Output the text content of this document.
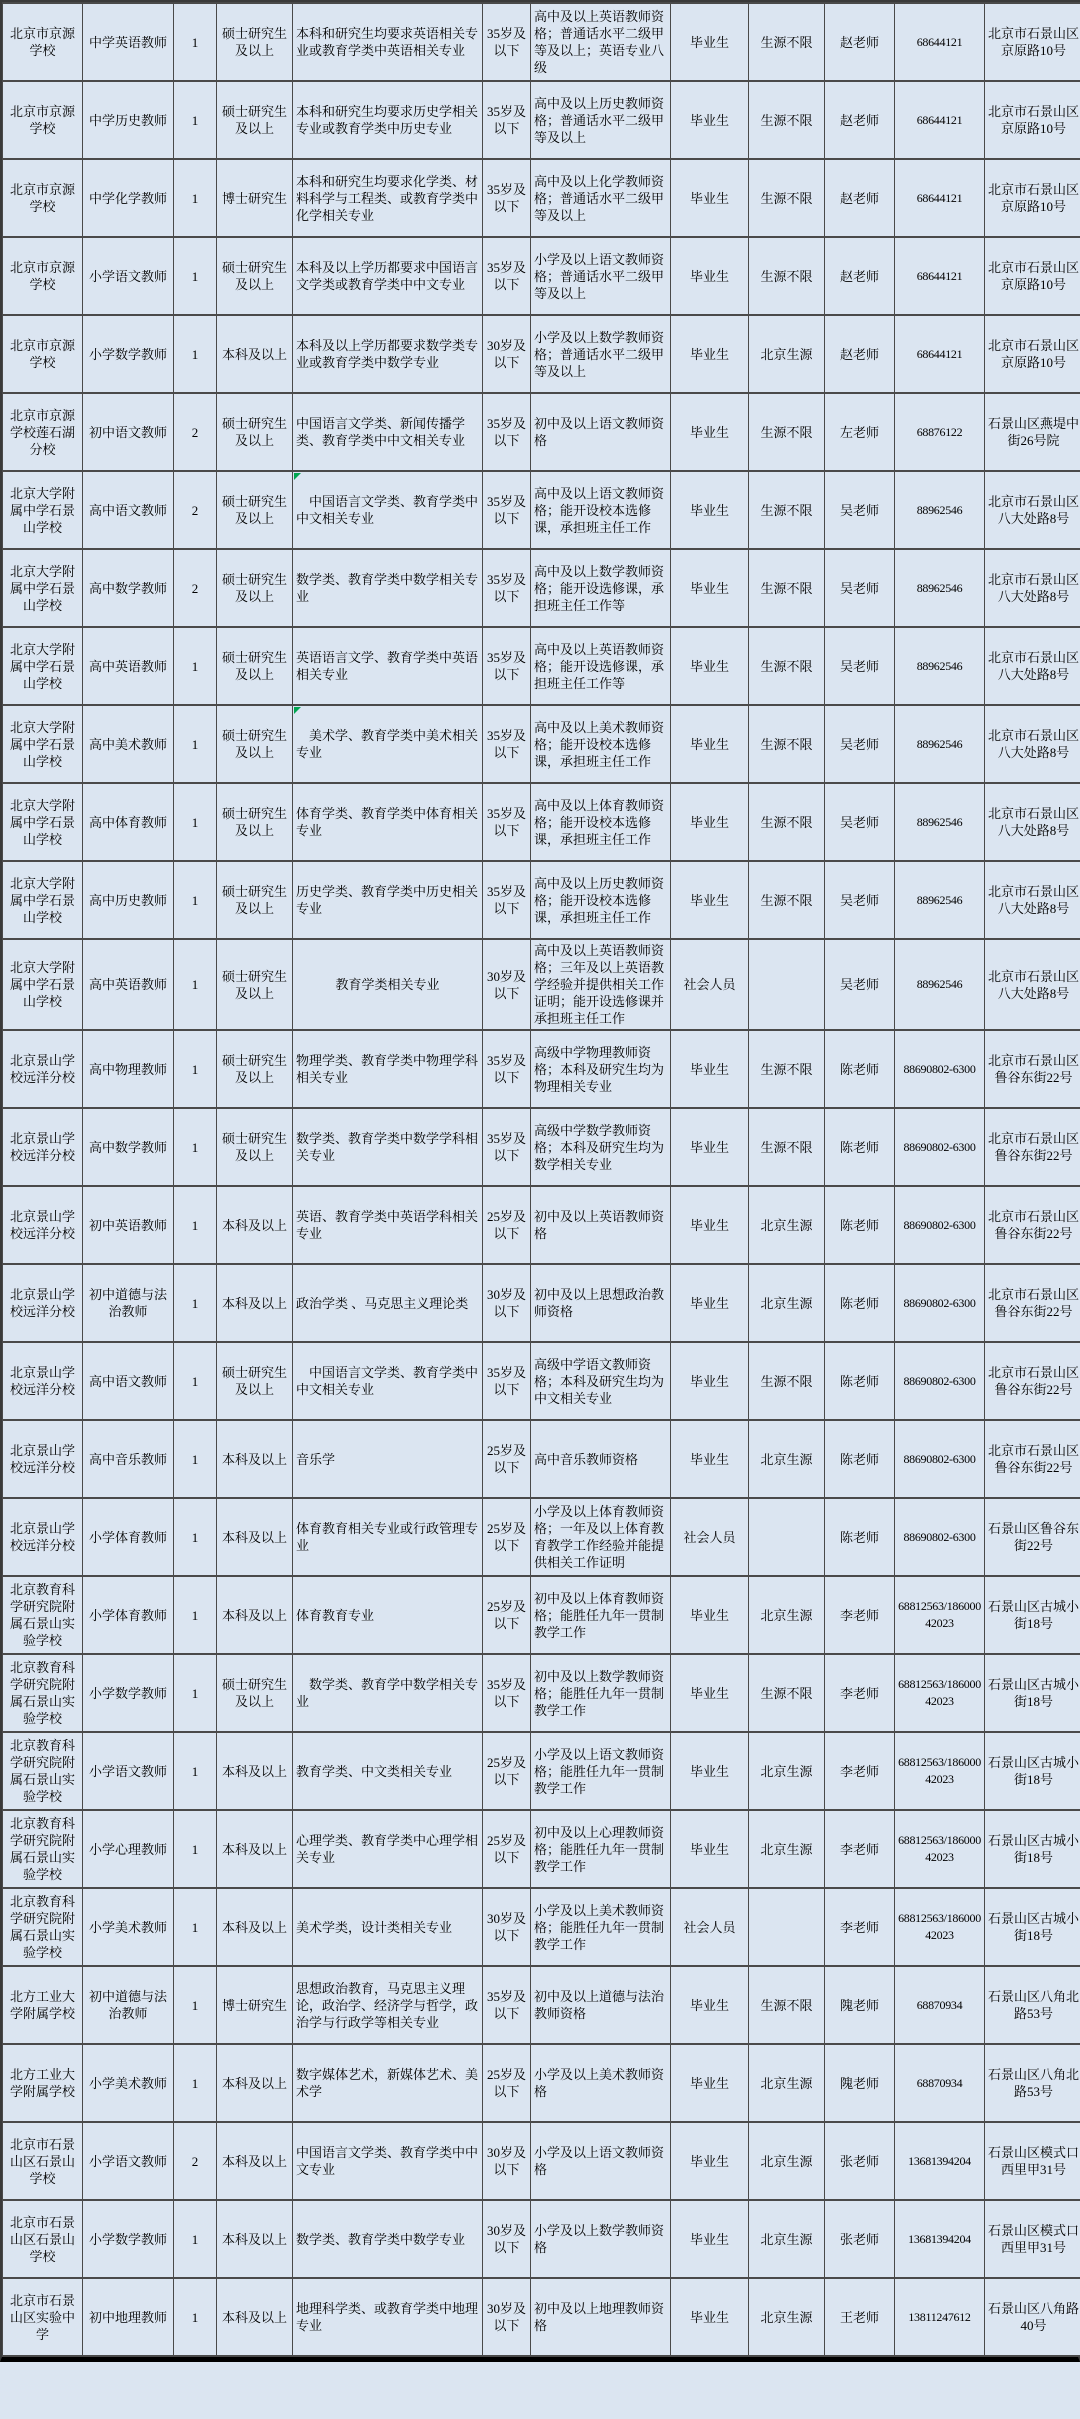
北京市京源学校	中学英语教师	1	硕士研究生及以上	本科和研究生均要求英语相关专业或教育学类中英语相关专业	35岁及以下	高中及以上英语教师资格；普通话水平二级甲等及以上；英语专业八级	毕业生	生源不限	赵老师	68644121	北京市石景山区京原路10号
北京市京源学校	中学历史教师	1	硕士研究生及以上	本科和研究生均要求历史学相关专业或教育学类中历史专业	35岁及以下	高中及以上历史教师资格；普通话水平二级甲等及以上	毕业生	生源不限	赵老师	68644121	北京市石景山区京原路10号
北京市京源学校	中学化学教师	1	博士研究生	本科和研究生均要求化学类、材料科学与工程类、或教育学类中化学相关专业	35岁及以下	高中及以上化学教师资格；普通话水平二级甲等及以上	毕业生	生源不限	赵老师	68644121	北京市石景山区京原路10号
北京市京源学校	小学语文教师	1	硕士研究生及以上	本科及以上学历都要求中国语言文学类或教育学类中中文专业	35岁及以下	小学及以上语文教师资格；普通话水平二级甲等及以上	毕业生	生源不限	赵老师	68644121	北京市石景山区京原路10号
北京市京源学校	小学数学教师	1	本科及以上	本科及以上学历都要求数学类专业或教育学类中数学专业	30岁及以下	小学及以上数学教师资格；普通话水平二级甲等及以上	毕业生	北京生源	赵老师	68644121	北京市石景山区京原路10号
北京市京源学校莲石湖分校	初中语文教师	2	硕士研究生及以上	中国语言文学类、新闻传播学类、教育学类中中文相关专业	35岁及以下	初中及以上语文教师资格	毕业生	生源不限	左老师	68876122	石景山区燕堤中街26号院
北京大学附属中学石景山学校	高中语文教师	2	硕士研究生及以上	　中国语言文学类、教育学类中中文相关专业	35岁及以下	高中及以上语文教师资格；能开设校本选修课，承担班主任工作	毕业生	生源不限	吴老师	88962546	北京市石景山区八大处路8号
北京大学附属中学石景山学校	高中数学教师	2	硕士研究生及以上	数学类、教育学类中数学相关专业	35岁及以下	高中及以上数学教师资格；能开设选修课，承担班主任工作等	毕业生	生源不限	吴老师	88962546	北京市石景山区八大处路8号
北京大学附属中学石景山学校	高中英语教师	1	硕士研究生及以上	英语语言文学、教育学类中英语相关专业	35岁及以下	高中及以上英语教师资格；能开设选修课，承担班主任工作等	毕业生	生源不限	吴老师	88962546	北京市石景山区八大处路8号
北京大学附属中学石景山学校	高中美术教师	1	硕士研究生及以上	　美术学、教育学类中美术相关专业	35岁及以下	高中及以上美术教师资格；能开设校本选修课，承担班主任工作	毕业生	生源不限	吴老师	88962546	北京市石景山区八大处路8号
北京大学附属中学石景山学校	高中体育教师	1	硕士研究生及以上	体育学类、教育学类中体育相关专业	35岁及以下	高中及以上体育教师资格；能开设校本选修课，承担班主任工作	毕业生	生源不限	吴老师	88962546	北京市石景山区八大处路8号
北京大学附属中学石景山学校	高中历史教师	1	硕士研究生及以上	历史学类、教育学类中历史相关专业	35岁及以下	高中及以上历史教师资格；能开设校本选修课，承担班主任工作	毕业生	生源不限	吴老师	88962546	北京市石景山区八大处路8号
北京大学附属中学石景山学校	高中英语教师	1	硕士研究生及以上	教育学类相关专业	30岁及以下	高中及以上英语教师资格；三年及以上英语教学经验并提供相关工作证明；能开设选修课并承担班主任工作	社会人员		吴老师	88962546	北京市石景山区八大处路8号
北京景山学校远洋分校	高中物理教师	1	硕士研究生及以上	物理学类、教育学类中物理学科相关专业	35岁及以下	高级中学物理教师资格；本科及研究生均为物理相关专业	毕业生	生源不限	陈老师	88690802-6300	北京市石景山区鲁谷东街22号
北京景山学校远洋分校	高中数学教师	1	硕士研究生及以上	数学类、教育学类中数学学科相关专业	35岁及以下	高级中学数学教师资格；本科及研究生均为数学相关专业	毕业生	生源不限	陈老师	88690802-6300	北京市石景山区鲁谷东街22号
北京景山学校远洋分校	初中英语教师	1	本科及以上	英语、教育学类中英语学科相关专业	25岁及以下	初中及以上英语教师资格	毕业生	北京生源	陈老师	88690802-6300	北京市石景山区鲁谷东街22号
北京景山学校远洋分校	初中道德与法治教师	1	本科及以上	政治学类 、马克思主义理论类	30岁及以下	初中及以上思想政治教师资格	毕业生	北京生源	陈老师	88690802-6300	北京市石景山区鲁谷东街22号
北京景山学校远洋分校	高中语文教师	1	硕士研究生及以上	　中国语言文学类、教育学类中中文相关专业	35岁及以下	高级中学语文教师资格；本科及研究生均为中文相关专业	毕业生	生源不限	陈老师	88690802-6300	北京市石景山区鲁谷东街22号
北京景山学校远洋分校	高中音乐教师	1	本科及以上	音乐学	25岁及以下	高中音乐教师资格	毕业生	北京生源	陈老师	88690802-6300	北京市石景山区鲁谷东街22号
北京景山学校远洋分校	小学体育教师	1	本科及以上	体育教育相关专业或行政管理专业	25岁及以下	小学及以上体育教师资格；一年及以上体育教育教学工作经验并能提供相关工作证明	社会人员		陈老师	88690802-6300	石景山区鲁谷东街22号
北京教育科学研究院附属石景山实验学校	小学体育教师	1	本科及以上	体育教育专业	25岁及以下	初中及以上体育教师资格；能胜任九年一贯制教学工作	毕业生	北京生源	李老师	68812563/18600042023	石景山区古城小街18号
北京教育科学研究院附属石景山实验学校	小学数学教师	1	硕士研究生及以上	　数学类、教育学中数学相关专业	35岁及以下	初中及以上数学教师资格；能胜任九年一贯制教学工作	毕业生	生源不限	李老师	68812563/18600042023	石景山区古城小街18号
北京教育科学研究院附属石景山实验学校	小学语文教师	1	本科及以上	教育学类、中文类相关专业	25岁及以下	小学及以上语文教师资格；能胜任九年一贯制教学工作	毕业生	北京生源	李老师	68812563/18600042023	石景山区古城小街18号
北京教育科学研究院附属石景山实验学校	小学心理教师	1	本科及以上	心理学类、教育学类中心理学相关专业	25岁及以下	初中及以上心理教师资格；能胜任九年一贯制教学工作	毕业生	北京生源	李老师	68812563/18600042023	石景山区古城小街18号
北京教育科学研究院附属石景山实验学校	小学美术教师	1	本科及以上	美术学类，设计类相关专业	30岁及以下	小学及以上美术教师资格；能胜任九年一贯制教学工作	社会人员		李老师	68812563/18600042023	石景山区古城小街18号
北方工业大学附属学校	初中道德与法治教师	1	博士研究生	思想政治教育，马克思主义理论，政治学、经济学与哲学，政治学与行政学等相关专业	35岁及以下	初中及以上道德与法治教师资格	毕业生	生源不限	隗老师	68870934	石景山区八角北路53号
北方工业大学附属学校	小学美术教师	1	本科及以上	数字媒体艺术，新媒体艺术、美术学	25岁及以下	小学及以上美术教师资格	毕业生	北京生源	隗老师	68870934	石景山区八角北路53号
北京市石景山区石景山学校	小学语文教师	2	本科及以上	中国语言文学类、教育学类中中文专业	30岁及以下	小学及以上语文教师资格	毕业生	北京生源	张老师	13681394204	石景山区模式口西里甲31号
北京市石景山区石景山学校	小学数学教师	1	本科及以上	数学类、教育学类中数学专业	30岁及以下	小学及以上数学教师资格	毕业生	北京生源	张老师	13681394204	石景山区模式口西里甲31号
北京市石景山区实验中学	初中地理教师	1	本科及以上	地理科学类、或教育学类中地理专业	30岁及以下	初中及以上地理教师资格	毕业生	北京生源	王老师	13811247612	石景山区八角路40号
